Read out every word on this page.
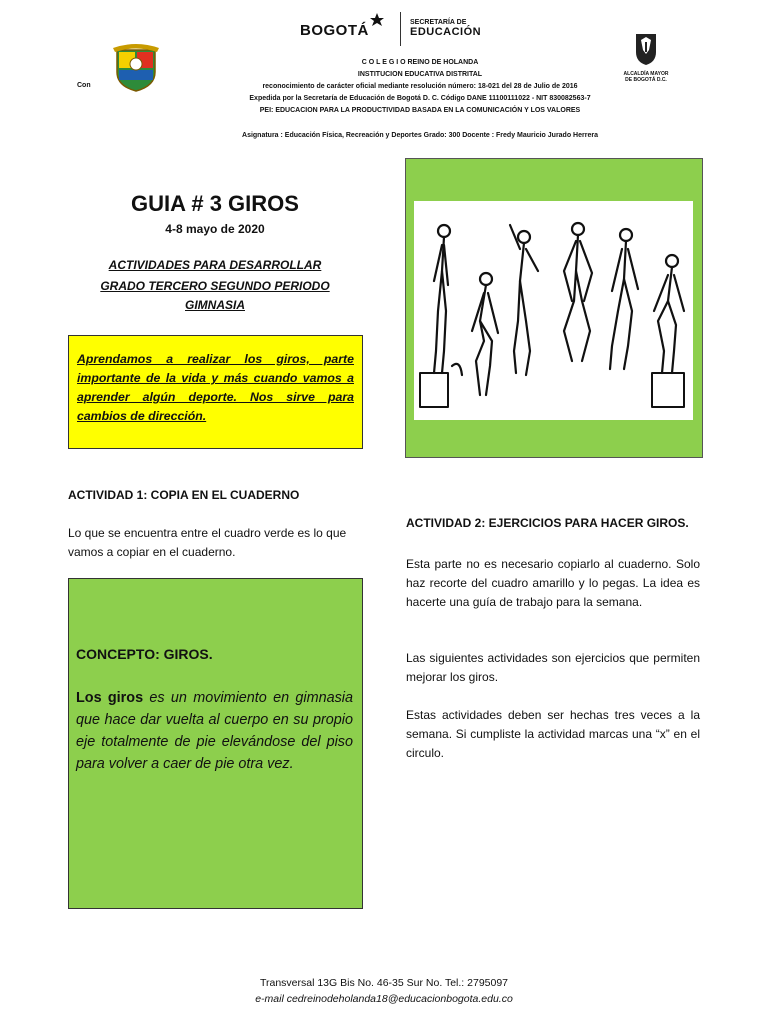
BOGOTÁ	SECRETARÍA DE
EDUCACIÓN
Con
C O L E G I O REINO DE HOLANDA
INSTITUCION EDUCATIVA DISTRITAL
reconocimiento de carácter oficial mediante resolución número: 18-021 del 28 de Julio de 2016
Expedida por la Secretaría de Educación de Bogotá D. C. Código DANE 11100111022 - NIT 830082563-7
PEI: EDUCACION PARA LA PRODUCTIVIDAD BASADA EN LA COMUNICACIÓN Y LOS VALORES
Asignatura : Educación Física, Recreación y Deportes Grado: 300 Docente : Fredy Mauricio Jurado Herrera
ALCALDÍA MAYOR
DE BOGOTÁ D.C.
GUIA # 3 GIROS
4-8 mayo de 2020
ACTIVIDADES PARA DESARROLLAR
GRADO TERCERO SEGUNDO PERIODO
GIMNASIA

Aprendamos a realizar los giros, parte importante de la vida y más cuando vamos a aprender algún deporte. Nos sirve para cambios de dirección.

ACTIVIDAD 1: COPIA EN EL CUADERNO
Lo que se encuentra entre el cuadro verde es lo que vamos a copiar en el cuaderno.
CONCEPTO: GIROS.
Los giros es un movimiento en gimnasia que hace dar vuelta al cuerpo en su propio eje totalmente de pie elevándose del piso para volver a caer de pie otra vez.
ACTIVIDAD 2: EJERCICIOS PARA HACER GIROS.
Esta parte no es necesario copiarlo al cuaderno. Solo haz recorte del cuadro amarillo y lo pegas. La idea es hacerte una guía de trabajo para la semana.
Las siguientes actividades son ejercicios que permiten mejorar los giros.
Estas actividades deben ser hechas tres veces a la semana. Si cumpliste la actividad marcas una “x” en el circulo.
Transversal 13G Bis No. 46-35 Sur No. Tel.: 2795097
e-mail cedreinodeholanda18@educacionbogota.edu.co
